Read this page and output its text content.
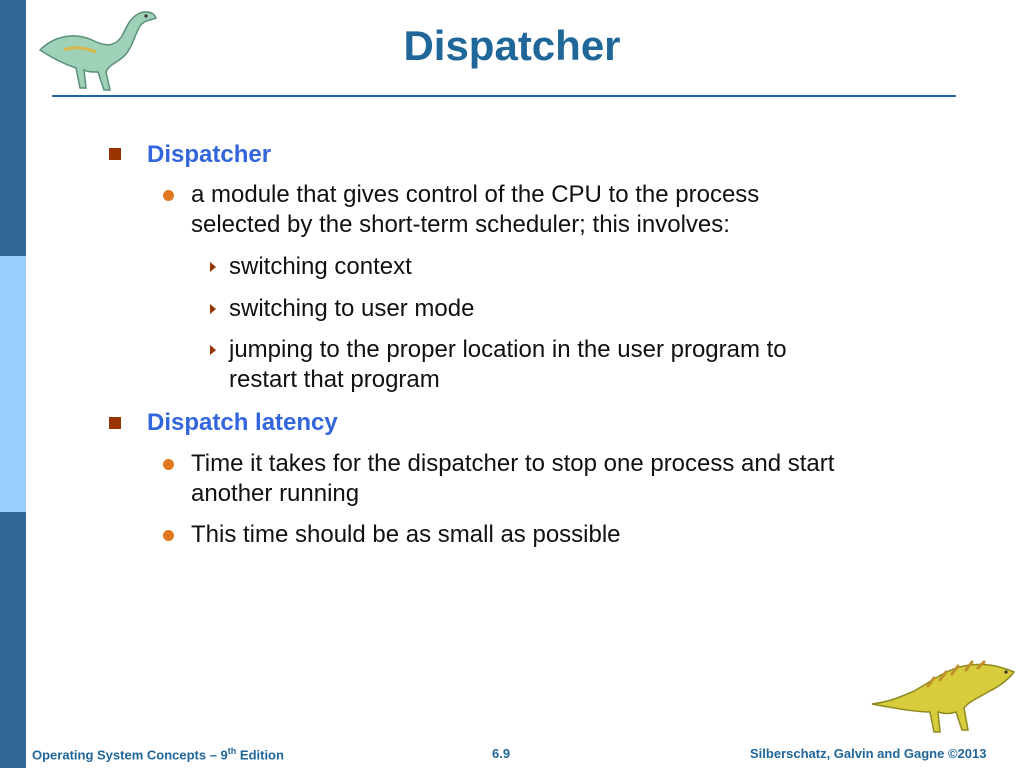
Dispatcher
Dispatcher
a module that gives control of the CPU to the process selected by the short-term scheduler; this involves:
switching context
switching to user mode
jumping to the proper location in the user program to restart that program
Dispatch latency
Time it takes for the dispatcher to stop one process and start another running
This time should be as small as possible
Operating System Concepts – 9th Edition	6.9	Silberschatz, Galvin and Gagne ©2013
